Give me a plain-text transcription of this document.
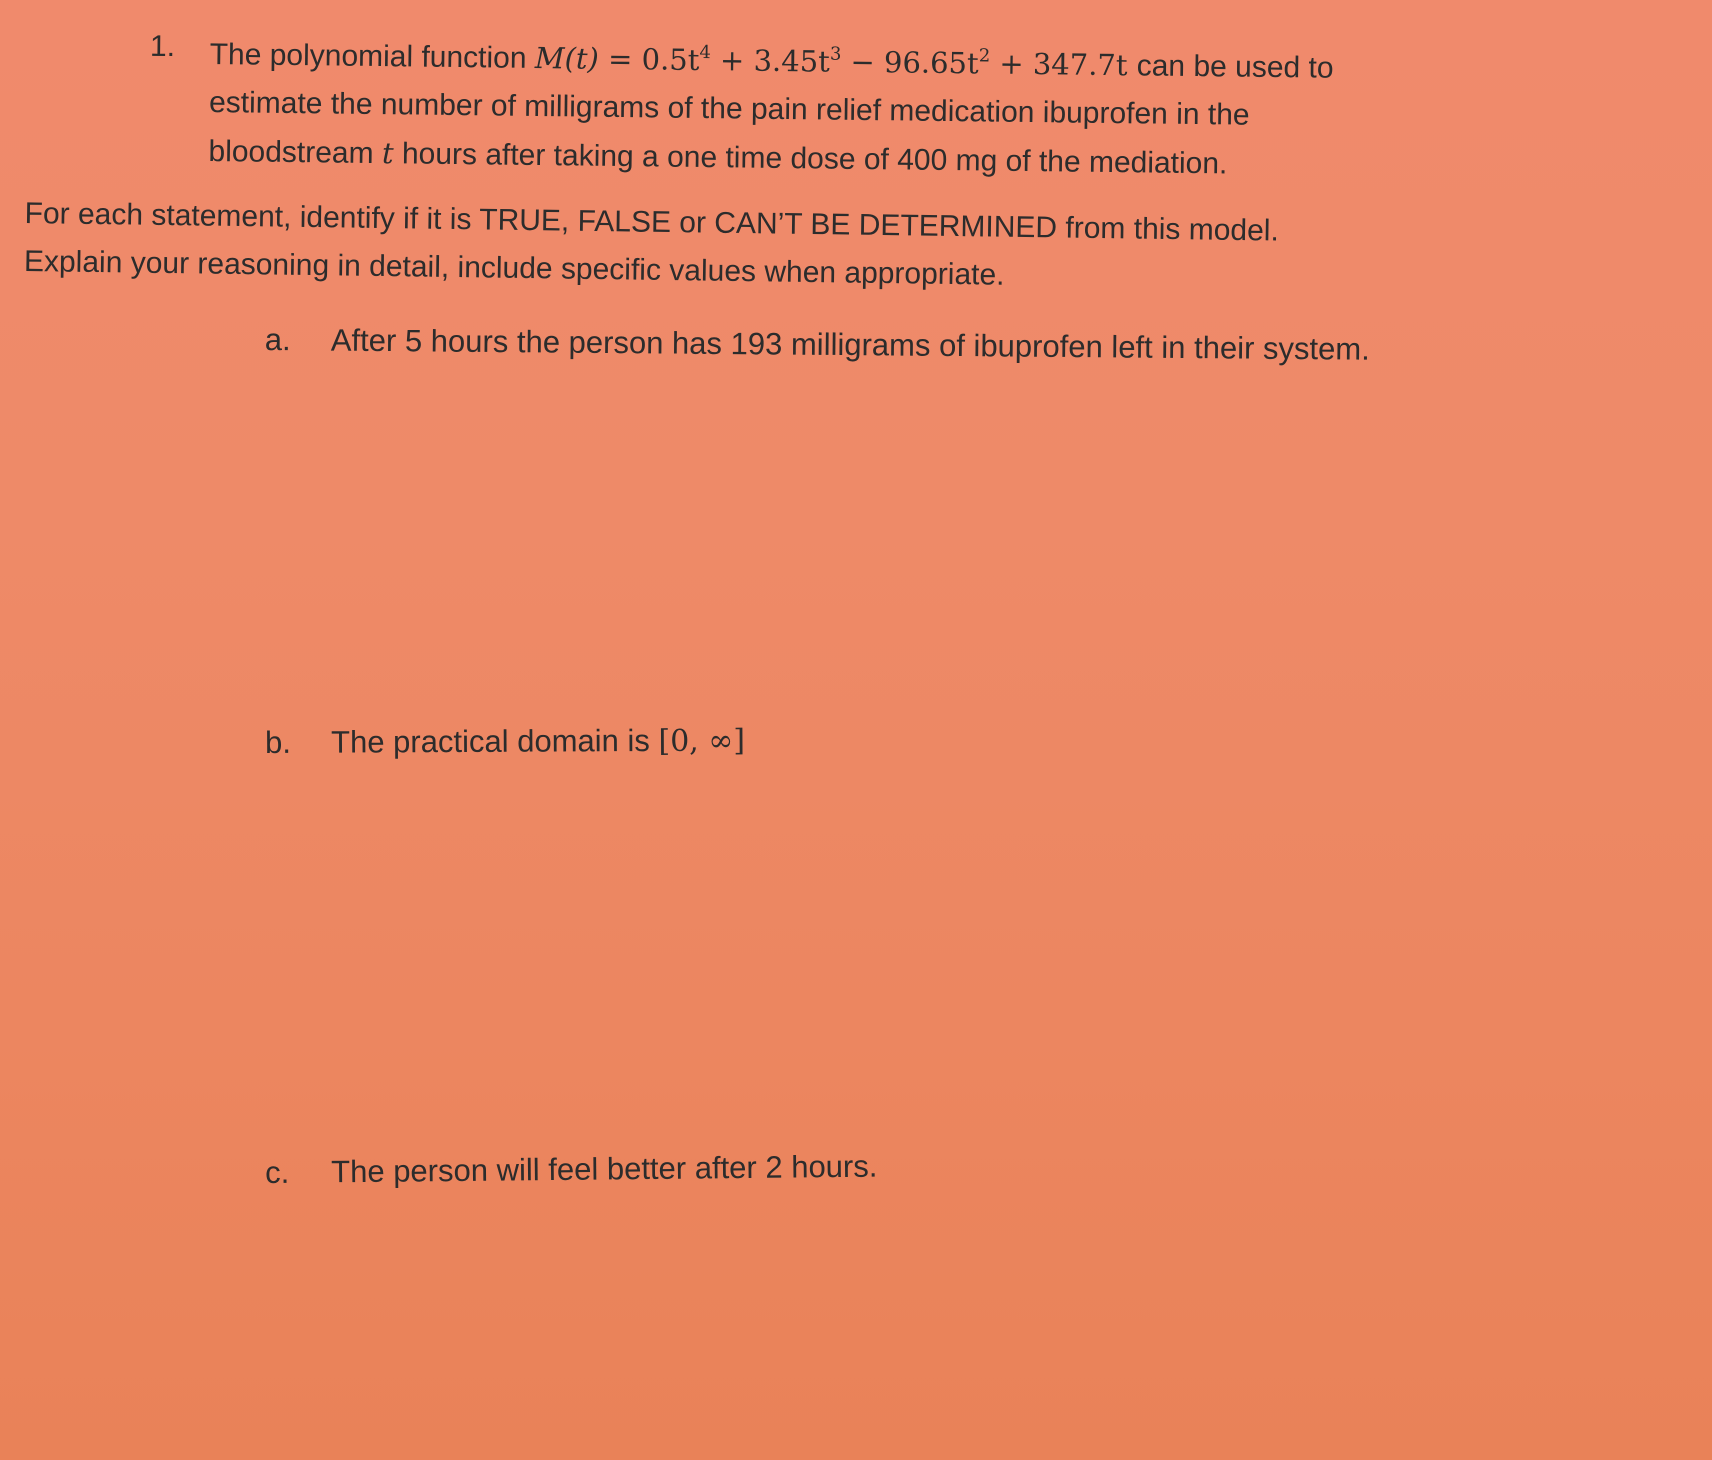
1. The polynomial function $M(t) = 0.5t^4 + 3.45t^3 - 96.65t^2 + 347.7t$ can be used to
estimate the number of milligrams of the pain relief medication ibuprofen in the
bloodstream t hours after taking a one time dose of 400 mg of the mediation.
For each statement, identify if it is TRUE, FALSE or CAN’T BE DETERMINED from this model.
Explain your reasoning in detail, include specific values when appropriate.
a. After 5 hours the person has 193 milligrams of ibuprofen left in their system.
b. The practical domain is [0, ∞]
c. The person will feel better after 2 hours.
